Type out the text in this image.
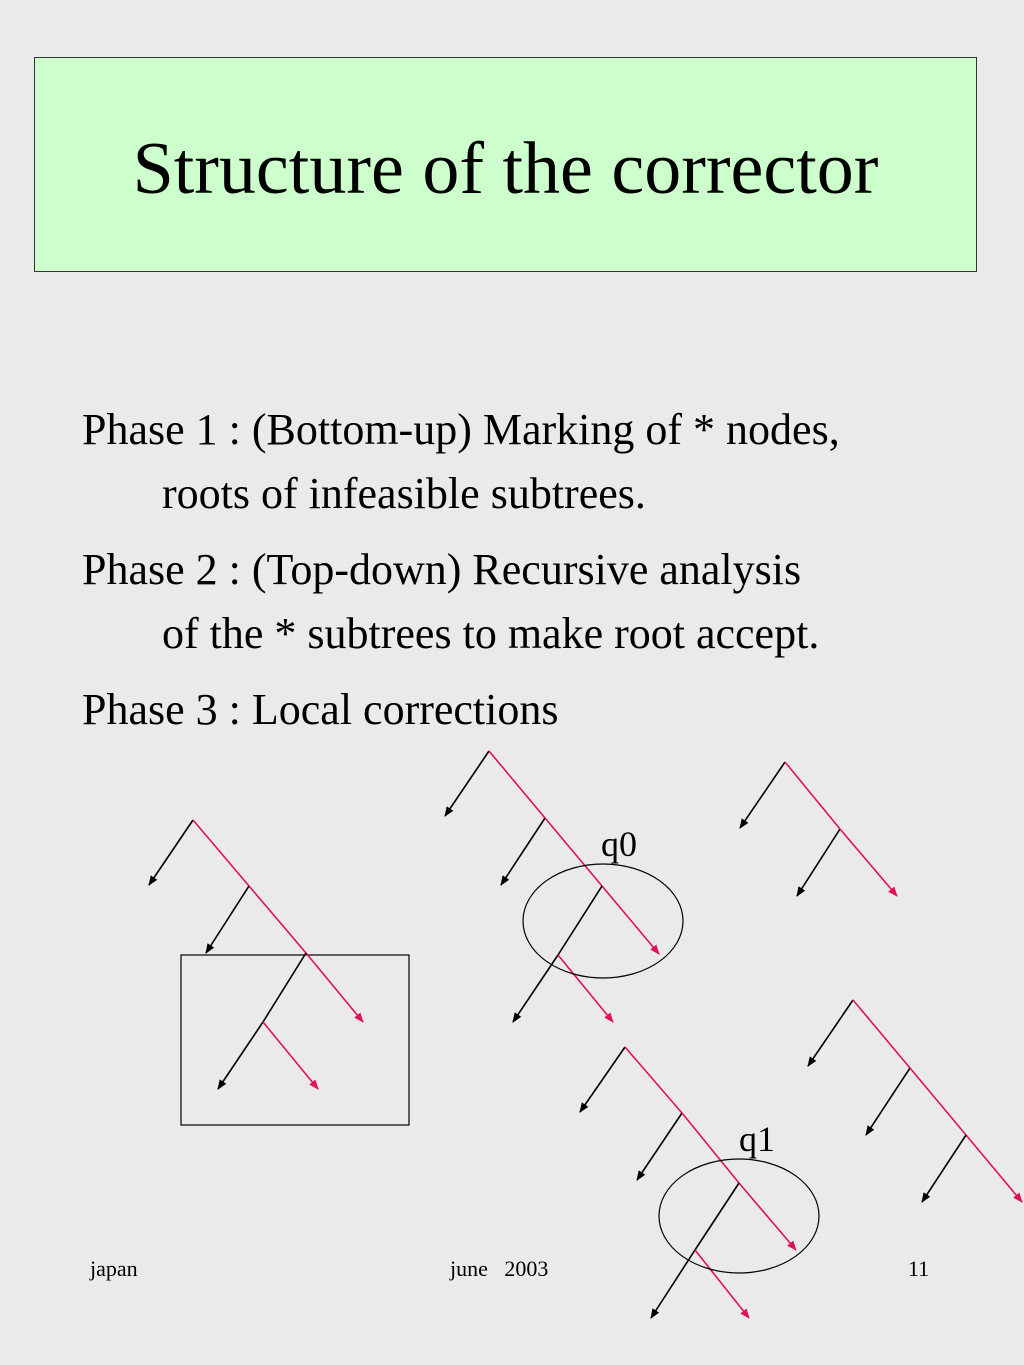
Structure of the corrector
Phase 1 : (Bottom-up) Marking of * nodes,
roots of infeasible subtrees.
Phase 2 : (Top-down) Recursive analysis
of the * subtrees to make root accept.
Phase 3 : Local corrections
q0
q1
japan	june   2003	11
